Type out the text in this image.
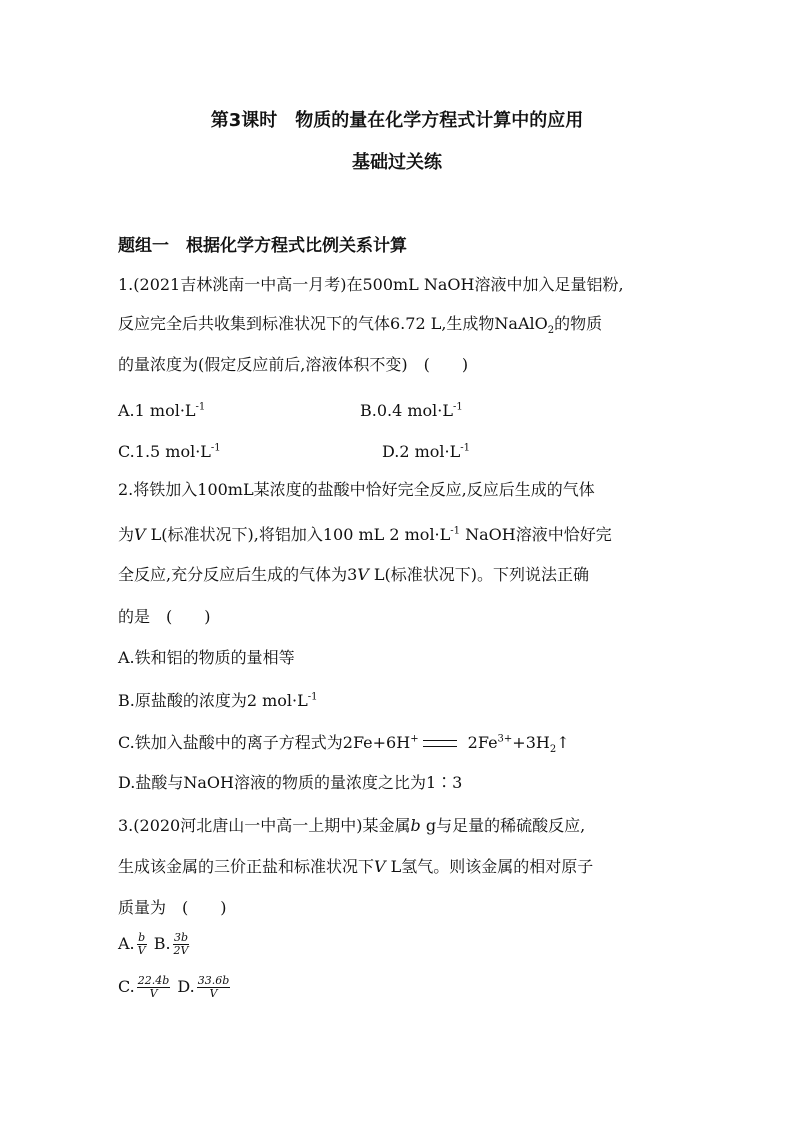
第3课时　物质的量在化学方程式计算中的应用
基础过关练
题组一　根据化学方程式比例关系计算
1.(2021吉林洮南一中高一月考)在500mL NaOH溶液中加入足量铝粉,
反应完全后共收集到标准状况下的气体6.72 L,生成物NaAlO$_2$的物质
的量浓度为(假定反应前后,溶液体积不变)　(　　)
A.1 $mol\cdot L^{-1}$	B.0.4 $mol\cdot L^{-1}$
C.1.5 $mol\cdot L^{-1}$	D.2 $mol\cdot L^{-1}$
2.将铁加入100mL某浓度的盐酸中恰好完全反应,反应后生成的气体
为V L(标准状况下),将铝加入100 mL 2 $mol\cdot L^{-1}$ NaOH溶液中恰好完
全反应,充分反应后生成的气体为3V L(标准状况下)。下列说法正确
的是　(　　)
A.铁和铝的物质的量相等
B.原盐酸的浓度为2 $mol\cdot L^{-1}$
C.铁加入盐酸中的离子方程式为2Fe+6H+	$2Fe^{3+}+3H_2↑$
D.盐酸与NaOH溶液的物质的量浓度之比为1∶3
3.(2020河北唐山一中高一上期中)某金属b g与足量的稀硫酸反应,
生成该金属的三价正盐和标准状况下V L氢气。则该金属的相对原子
质量为　(　　)
A. $\frac{b}{V} B$. $\frac{3b}{2V}$
C. $\frac{22.4b}{V} D$. $\frac{33.6b}{V}$
